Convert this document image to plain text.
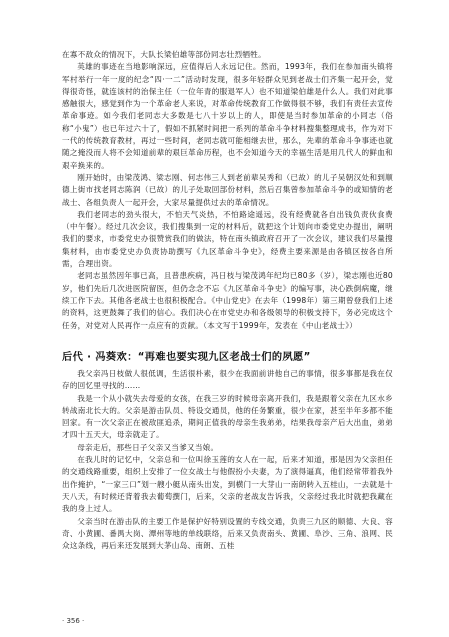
在寡不敌众的情况下，大队长梁伯雄等部份同志壮烈牺牲。

英雄的事迹在当地影响深远，应值得后人永远记住。然而，1993年，我们在参加南头镇将军村举行一年一度的纪念“四·一二”活动时发现，很多年轻群众见到老战士们齐集一起开会，觉得很奇怪，就连该村的治保主任（一位年青的服退军人）也不知道梁伯雄是什么人。我们对此事感触很大，感觉到作为一个革命老人来说，对革命传统教育工作做得很不够，我们有责任去宣传革命事迹。如今我们老同志大多数是七八十岁以上的人，即使是当时参加革命的小同志（俗称“小鬼”）也已年过六十了，假如不抓紧时间把一系列的革命斗争材料搜集整理成书，作为对下一代的传统教育教材，再过一些时间，老同志就可能相继去世，那么，先辈的革命斗争事迹也就随之掩没而人将不会知道前辈的艰巨革命历程，也不会知道今天的幸福生活是用几代人的鲜血和艰辛换来的。

刚开始时，由梁茂鸿、梁志刚、何志伟三人到老前辈吴秀和（已故）的儿子吴朝汉处和到顺德上街市找老同志陈润（已故）的儿子处取回部份材料，然后召集曾参加革命斗争的或知情的老战士、各组负责人一起开会，大家尽量提供过去的革命情况。

我们老同志的劲头很大，不怕天气炎热，不怕路途遥远，没有经费就各自出钱负责伙食费（中午餐）。经过几次会议，我们搜集到一定的材料后，就把这个计划向市委党史办提出，阐明我们的要求，市委党史办很赞赏我们的做法，特在南头镇政府召开了一次会议，建议我们尽量搜集材料，由市委党史办负责协助撰写《九区革命斗争史》，经费主要来源是由各镇区按各自所需，合理出资。

老同志虽然因年事已高，且普患疾病，冯日枝与梁茂鸿年纪均已80多（岁），梁志刚也近80岁，他们先后几次进医院留医，但仍念念不忘《九区革命斗争史》的编写事，决心跌倒病魔，继续工作下去。其他各老战士也很积极配合。《中山党史》在去年（1998年）第三期曾登我们上述的资料，这更鼓舞了我们的信心。我们决心在市党史办和各级领导的积极支持下，务必完成这个任务，对党对人民再作一点应有的贡献。（本文写于1999年，发表在《中山老战士》）

后代 · 冯葵欢：“再难也要实现九区老战士们的夙愿”

我父亲冯日枝做人很低调，生活很朴素，很少在我面前讲他自己的事情，很多事都是我在仅存的回忆里寻找的……

我是一个从小就失去母爱的女孩，在我三岁的时候母亲离开我们，我是跟着父亲在九区水乡转战南北长大的。父亲是游击队员、特设交通员，他的任务繁重，很少在家，甚至半年多都不能回家。有一次父亲正在被敌匪追杀，期间正值我的母亲生我弟弟，结果我母亲产后大出血，弟弟才四十五天大，母亲就走了。

母亲走后，那些日子父亲又当爹又当娘。

在我儿时的记忆中，父亲总和一位叫徐玉莲的女人在一起，后来才知道，那是因为父亲担任的交通线路重要，组织上安排了一位女战士与他假扮小夫妻，为了演得逼真，他们经常带着我外出作掩护，“一家三口”划一艘小艇从南头出发，到横门一大芽山一南朗转入五桂山，一去就是十天八天，有时候还背着我去葡萄撰门，后来，父亲的老战友告诉我，父亲经过我北时就把我藏在我的身上过人。

父亲当时在游击队的主要工作是保护好特别设置的专线交通，负责三九区的顺德、大良、容奇、小黄圃、番禺大岗、潭州等地的单线联络，后来又负责南头、黄圃、阜沙、三角、浪网、民众这条线，再后来还发展到大茅山岛、南朗、五桂

· 356 ·
